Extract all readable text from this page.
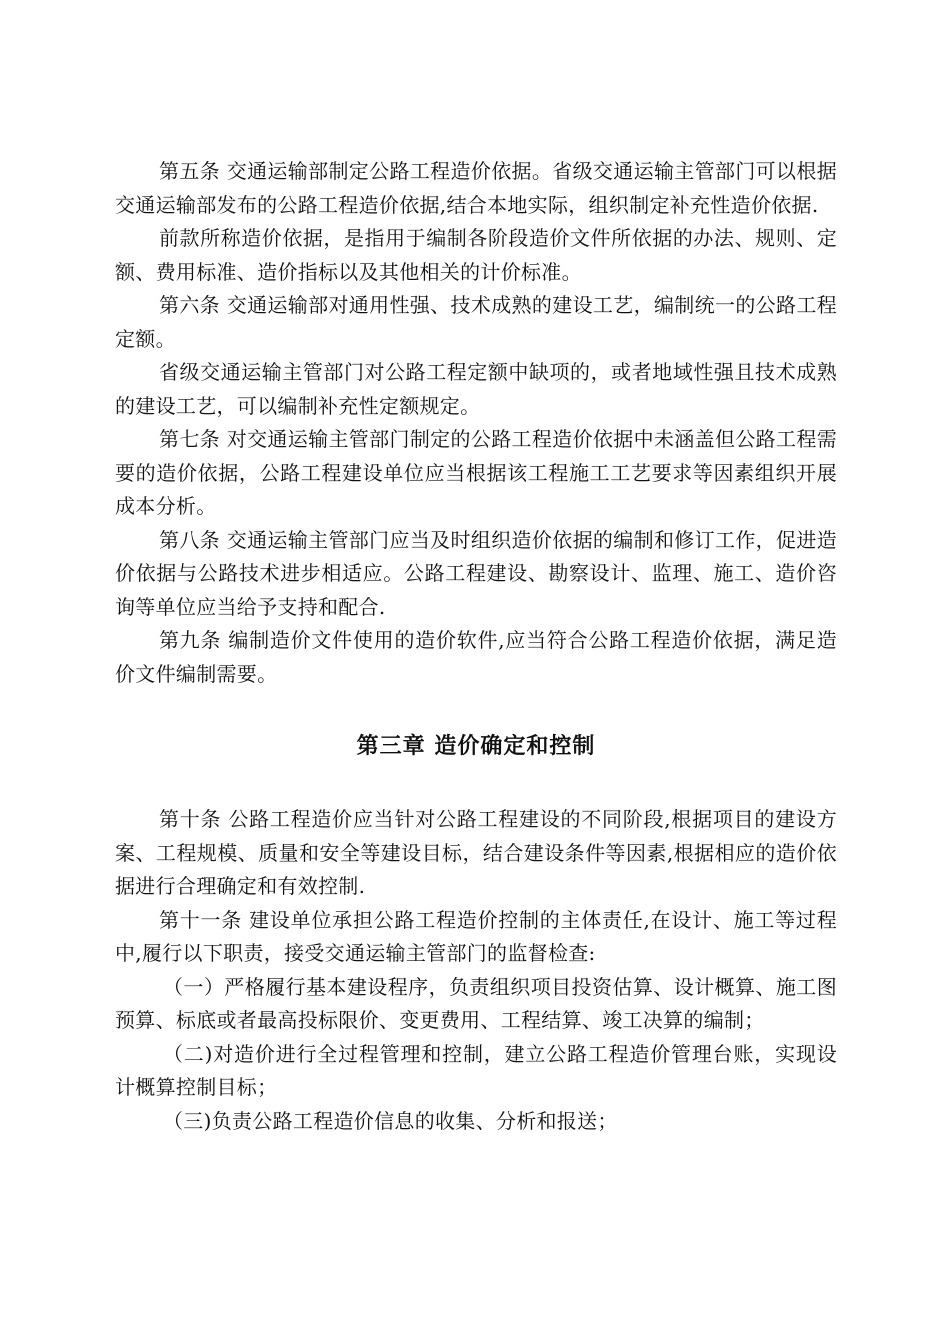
第五条 交通运输部制定公路工程造价依据。省级交通运输主管部门可以根据交通运输部发布的公路工程造价依据,结合本地实际，组织制定补充性造价依据.

前款所称造价依据，是指用于编制各阶段造价文件所依据的办法、规则、定额、费用标准、造价指标以及其他相关的计价标准。

第六条 交通运输部对通用性强、技术成熟的建设工艺，编制统一的公路工程定额。

省级交通运输主管部门对公路工程定额中缺项的，或者地域性强且技术成熟的建设工艺，可以编制补充性定额规定。

第七条 对交通运输主管部门制定的公路工程造价依据中未涵盖但公路工程需要的造价依据，公路工程建设单位应当根据该工程施工工艺要求等因素组织开展成本分析。

第八条 交通运输主管部门应当及时组织造价依据的编制和修订工作，促进造价依据与公路技术进步相适应。公路工程建设、勘察设计、监理、施工、造价咨询等单位应当给予支持和配合.

第九条 编制造价文件使用的造价软件,应当符合公路工程造价依据，满足造价文件编制需要。

第三章 造价确定和控制

第十条 公路工程造价应当针对公路工程建设的不同阶段,根据项目的建设方案、工程规模、质量和安全等建设目标，结合建设条件等因素,根据相应的造价依据进行合理确定和有效控制.

第十一条 建设单位承担公路工程造价控制的主体责任,在设计、施工等过程中,履行以下职责，接受交通运输主管部门的监督检查:

（一）严格履行基本建设程序，负责组织项目投资估算、设计概算、施工图预算、标底或者最高投标限价、变更费用、工程结算、竣工决算的编制；

（二)对造价进行全过程管理和控制，建立公路工程造价管理台账，实现设计概算控制目标；

（三)负责公路工程造价信息的收集、分析和报送；
